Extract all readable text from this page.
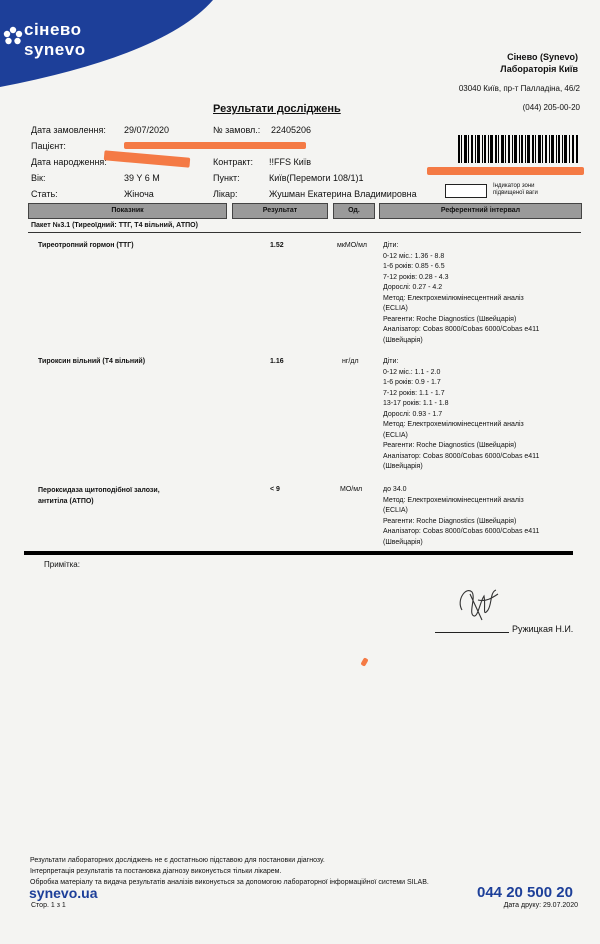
сінево
synevo	Сінево (Synevo)
Лабораторія Київ
03040 Київ, пр-т Палладіна, 46/2
(044) 205-00-20
Результати досліджень
Дата замовлення: 29/07/2020	№ замовл.: 22405206
Пацієнт:
Дата народження:	Контракт: !!FFS Київ
Вік:	39 Y 6 M	Пункт:	Київ(Перемоги 108/1)1
Стать:	Жіноча	Лікар:	Жушман Екатерина Владимировна
Індикатор зони підвищеної ваги
Показник	Результат	Од.	Референтний інтервал
Пакет №3.1 (Тиреоїдний: ТТГ, Т4 вільний, АТПО)
Тиреотропний гормон (ТТГ)	1.52	мкМО/мл Діти:
0-12 міс.: 1.36 - 8.8
1-6 років: 0.85 - 6.5
7-12 років: 0.28 - 4.3
Дорослі: 0.27 - 4.2
Метод: Електрохемілюмінесцентний аналіз
(ECLIA)
Реагенти: Roche Diagnostics (Швейцарія)
Аналізатор: Cobas 8000/Cobas 6000/Cobas e411
(Швейцарія)
Тироксин вільний (Т4 вільний)	1.16	нг/дл	Діти:
0-12 міс.: 1.1 - 2.0
1-6 років: 0.9 - 1.7
7-12 років: 1.1 - 1.7
13-17 років: 1.1 - 1.8
Дорослі: 0.93 - 1.7
Метод: Електрохемілюмінесцентний аналіз
(ECLIA)
Реагенти: Roche Diagnostics (Швейцарія)
Аналізатор: Cobas 8000/Cobas 6000/Cobas e411
(Швейцарія)
Пероксидаза щитоподібної залози,
антитіла (АТПО)
< 9	МО/мл	до 34.0
Метод: Електрохемілюмінесцентний аналіз
(ECLIA)
Реагенти: Roche Diagnostics (Швейцарія)
Аналізатор: Cobas 8000/Cobas 6000/Cobas e411
(Швейцарія)
Примітка:
Ружицкая Н.И.
Результати лабораторних досліджень не є достатньою підставою для постановки діагнозу.
Інтерпретація результатів та постановка діагнозу виконується тільки лікарем.
Обробка матеріалу та видача результатів аналізів виконується за допомогою лабораторної інформаційної системи SILAB.
synevo.ua
Стор. 1 з 1
044 20 500 20
Дата друку: 29.07.2020
